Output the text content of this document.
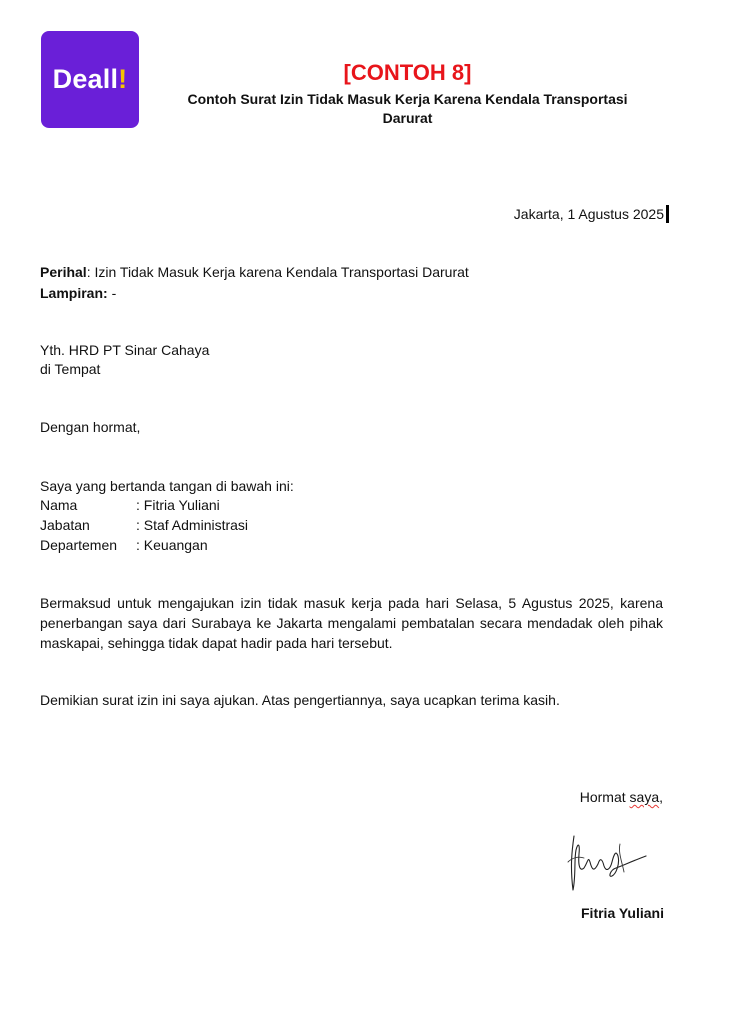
Deall!	[CONTOH 8]
Contoh Surat Izin Tidak Masuk Kerja Karena Kendala Transportasi Darurat
Jakarta, 1 Agustus 2025
Perihal: Izin Tidak Masuk Kerja karena Kendala Transportasi Darurat
Lampiran: -
Yth. HRD PT Sinar Cahaya
di Tempat
Dengan hormat,
Saya yang bertanda tangan di bawah ini:
Nama	: Fitria Yuliani
Jabatan	: Staf Administrasi
Departemen	: Keuangan
Bermaksud untuk mengajukan izin tidak masuk kerja pada hari Selasa, 5 Agustus 2025, karena penerbangan saya dari Surabaya ke Jakarta mengalami pembatalan secara mendadak oleh pihak maskapai, sehingga tidak dapat hadir pada hari tersebut.
Demikian surat izin ini saya ajukan. Atas pengertiannya, saya ucapkan terima kasih.
Hormat saya,
Fitria Yuliani
